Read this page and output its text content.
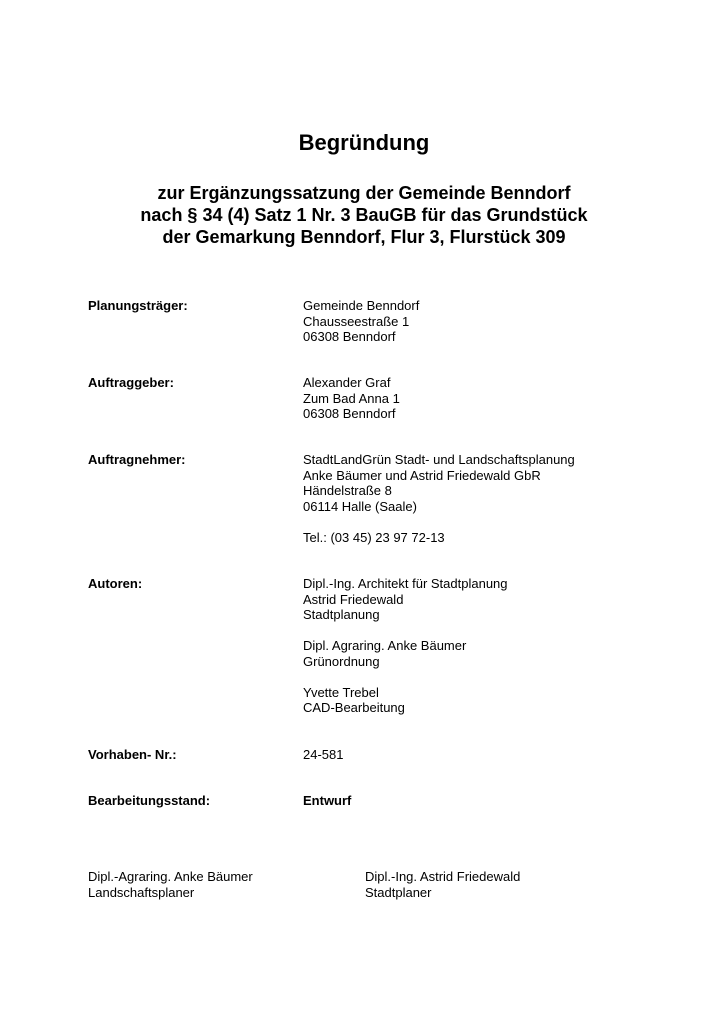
Begründung
zur Ergänzungssatzung der Gemeinde Benndorf
nach § 34 (4) Satz 1 Nr. 3 BauGB für das Grundstück
der Gemarkung Benndorf, Flur 3, Flurstück 309
Planungsträger:	Gemeinde Benndorf
Chausseestraße 1
06308 Benndorf
Auftraggeber:	Alexander Graf
Zum Bad Anna 1
06308 Benndorf
Auftragnehmer:	StadtLandGrün Stadt- und Landschaftsplanung
Anke Bäumer und Astrid Friedewald GbR
Händelstraße 8
06114 Halle (Saale)
Tel.: (03 45) 23 97 72-13
Autoren:	Dipl.-Ing. Architekt für Stadtplanung
Astrid Friedewald
Stadtplanung
Dipl. Agraring. Anke Bäumer
Grünordnung
Yvette Trebel
CAD-Bearbeitung
Vorhaben- Nr.:	24-581
Bearbeitungsstand:	Entwurf
Dipl.-Agraring. Anke Bäumer
Landschaftsplaner
Dipl.-Ing. Astrid Friedewald
Stadtplaner
